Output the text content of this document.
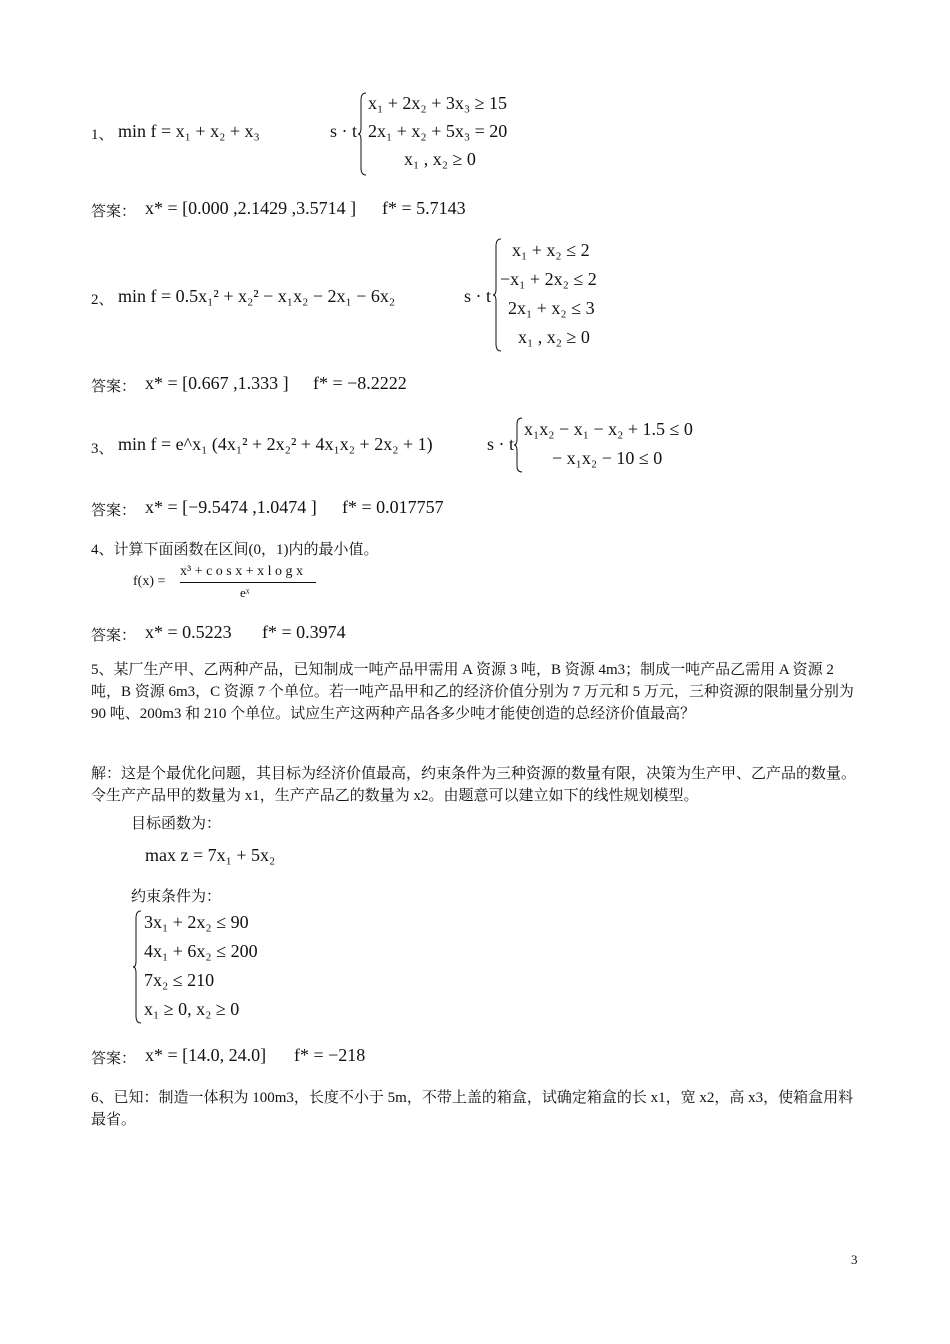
1、 min f = x₁ + x₂ + x₃	s · t
x₁ + 2x₂ + 3x₃ ≥ 15
2x₁ + x₂ + 5x₃ = 20
x₁ , x₂ ≥ 0
答案： x* = [0.000 ,2.1429 ,3.5714 ] f* = 5.7143
2、 min f = 0.5x₁² + x₂² − x₁x₂ − 2x₁ − 6x₂	s · t
x₁ + x₂ ≤ 2
−x₁ + 2x₂ ≤ 2
2x₁ + x₂ ≤ 3
x₁ , x₂ ≥ 0
答案： x* = [0.667 ,1.333 ] f* = −8.2222
3、 min f = e^x₁ (4x₁² + 2x₂² + 4x₁x₂ + 2x₂ + 1)	s · t
x₁x₂ − x₁ − x₂ + 1.5 ≤ 0
− x₁x₂ − 10 ≤ 0
答案： x* = [−9.5474 ,1.0474 ] f* = 0.017757
4、计算下面函数在区间(0，1)内的最小值。
f(x) =
x³ + c o s x + x l o g x
eˣ
答案： x* = 0.5223 f* = 0.3974
5、某厂生产甲、乙两种产品，已知制成一吨产品甲需用 A 资源 3 吨，B 资源 4m3；制成一吨产品乙需用 A 资源 2 吨，B 资源 6m3，C 资源 7 个单位。若一吨产品甲和乙的经济价值分别为 7 万元和 5 万元，三种资源的限制量分别为 90 吨、200m3 和 210 个单位。试应生产这两种产品各多少吨才能使创造的总经济价值最高？
解：这是个最优化问题，其目标为经济价值最高，约束条件为三种资源的数量有限，决策为生产甲、乙产品的数量。令生产产品甲的数量为 x1，生产产品乙的数量为 x2。由题意可以建立如下的线性规划模型。
目标函数为：
max z = 7x₁ + 5x₂
约束条件为：
3x₁ + 2x₂ ≤ 90
4x₁ + 6x₂ ≤ 200
7x₂ ≤ 210
x₁ ≥ 0, x₂ ≥ 0
答案： x* = [14.0, 24.0] f* = −218
6、已知：制造一体积为 100m3，长度不小于 5m，不带上盖的箱盒，试确定箱盒的长 x1，宽 x2，高 x3，使箱盒用料最省。
3
